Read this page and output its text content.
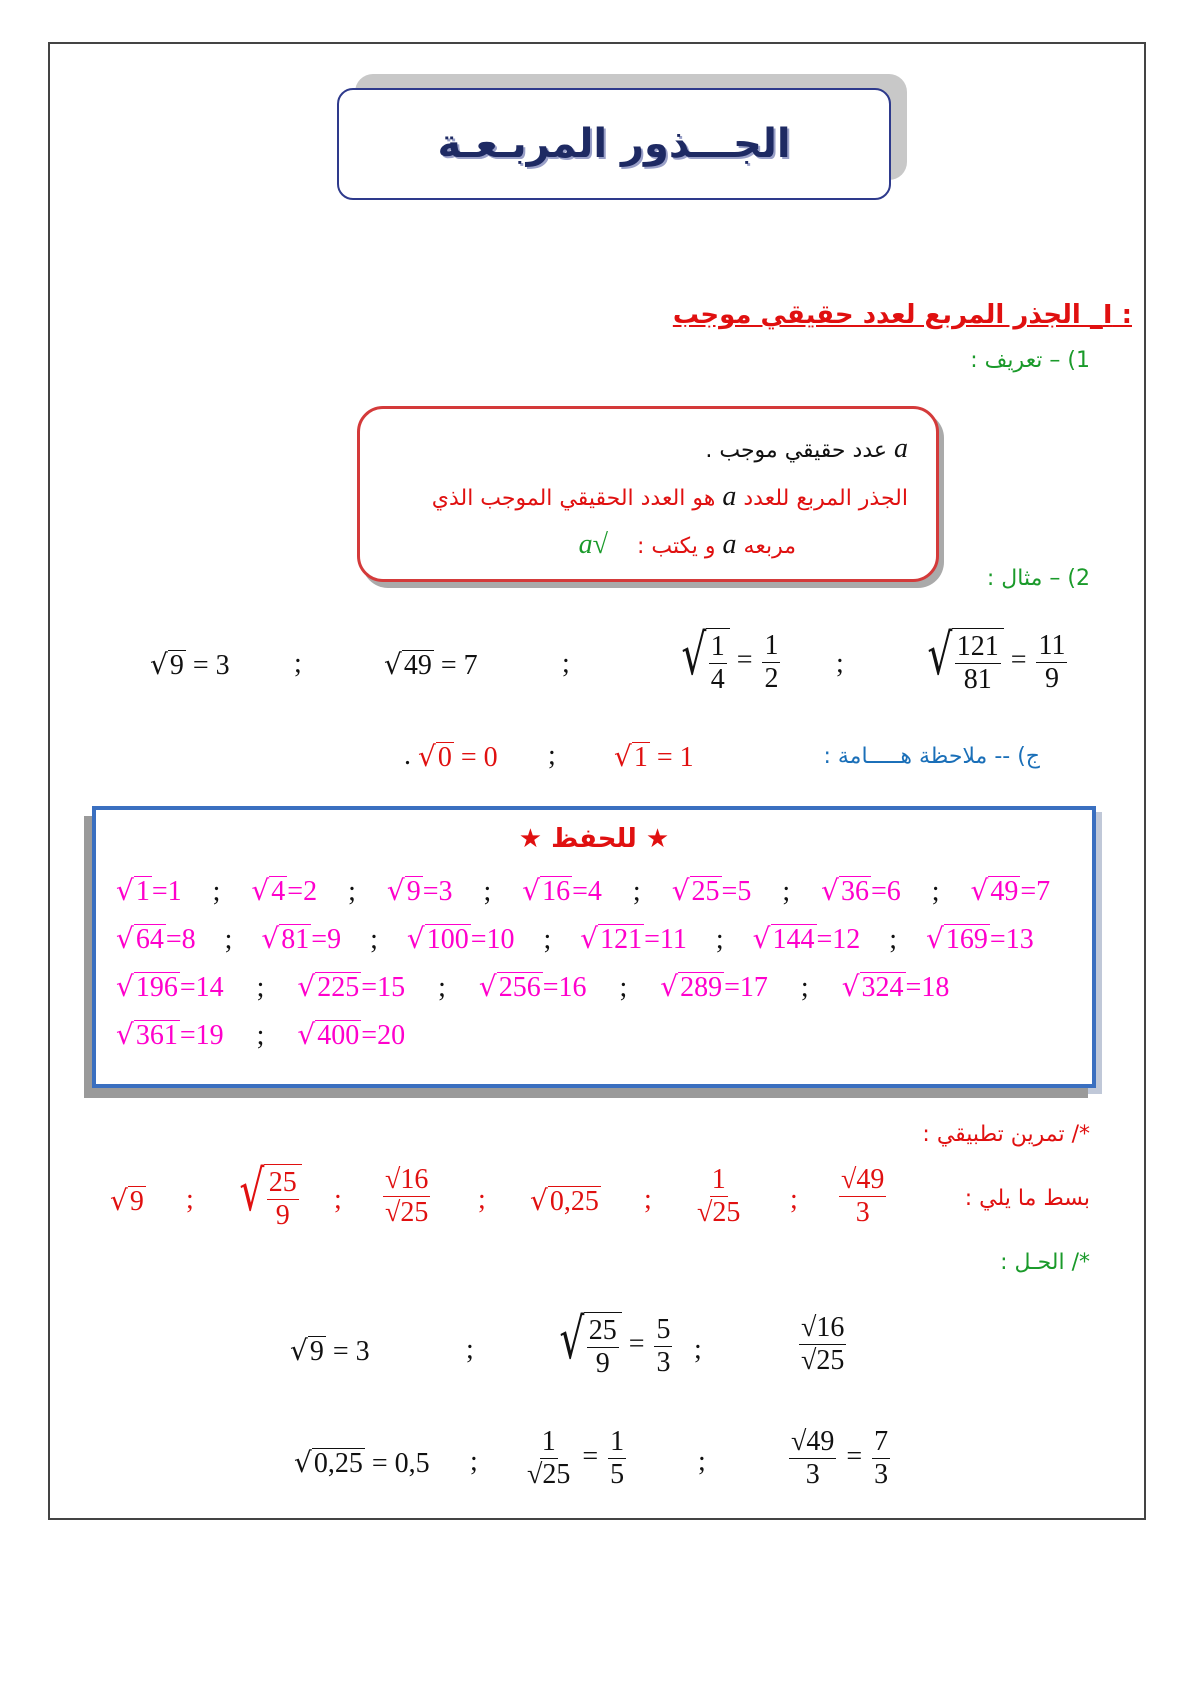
الجـــذور المربـعـة
: I_ الجذر المربع لعدد حقيقي موجب
1) – تعريف :
a عدد حقيقي موجب .
الجذر المربع للعدد a هو العدد الحقيقي الموجب الذي
مربعه a و يكتب : √a
2) – مثال :
√9 = 3 ;	√49 = 7	; √ $\frac{1}{4} = \frac{1}{2}$ ; √ $\frac{121}{81} = \frac{11}{9}$
ج) -- ملاحظة هـــــامة :
√1 = 1
;
√0 = 0
.
★ للحفظ ★
√1=1 ; √4=2 ; √9=3 ; √16=4 ; √25=5 ; √36=6 ; √49=7
√64=8 ; √81=9 ; √100=10 ; √121=11 ; √144=12 ; √169=13
√196=14 ; √225=15 ; √256=16 ; √289=17 ; √324=18
√361=19 ; √400=20
*/ تمرين تطبيقي :
بسط ما يلي :
$\frac{√49}{3}$
;
$\frac{1}{√25}$
;
√0,25
;
$\frac{√16}{√25}$
;
√ $\frac{25}{9}$
;
√9
*/ الحـل :
√9 = 3	; √ $\frac{25}{9} = \frac{5}{3}$ ;	$\frac{√16}{√25}$
√0,25 = 0,5 ; $\frac{1}{√25} = \frac{1}{5}$	;	$\frac{√49}{3} = \frac{7}{3}$
